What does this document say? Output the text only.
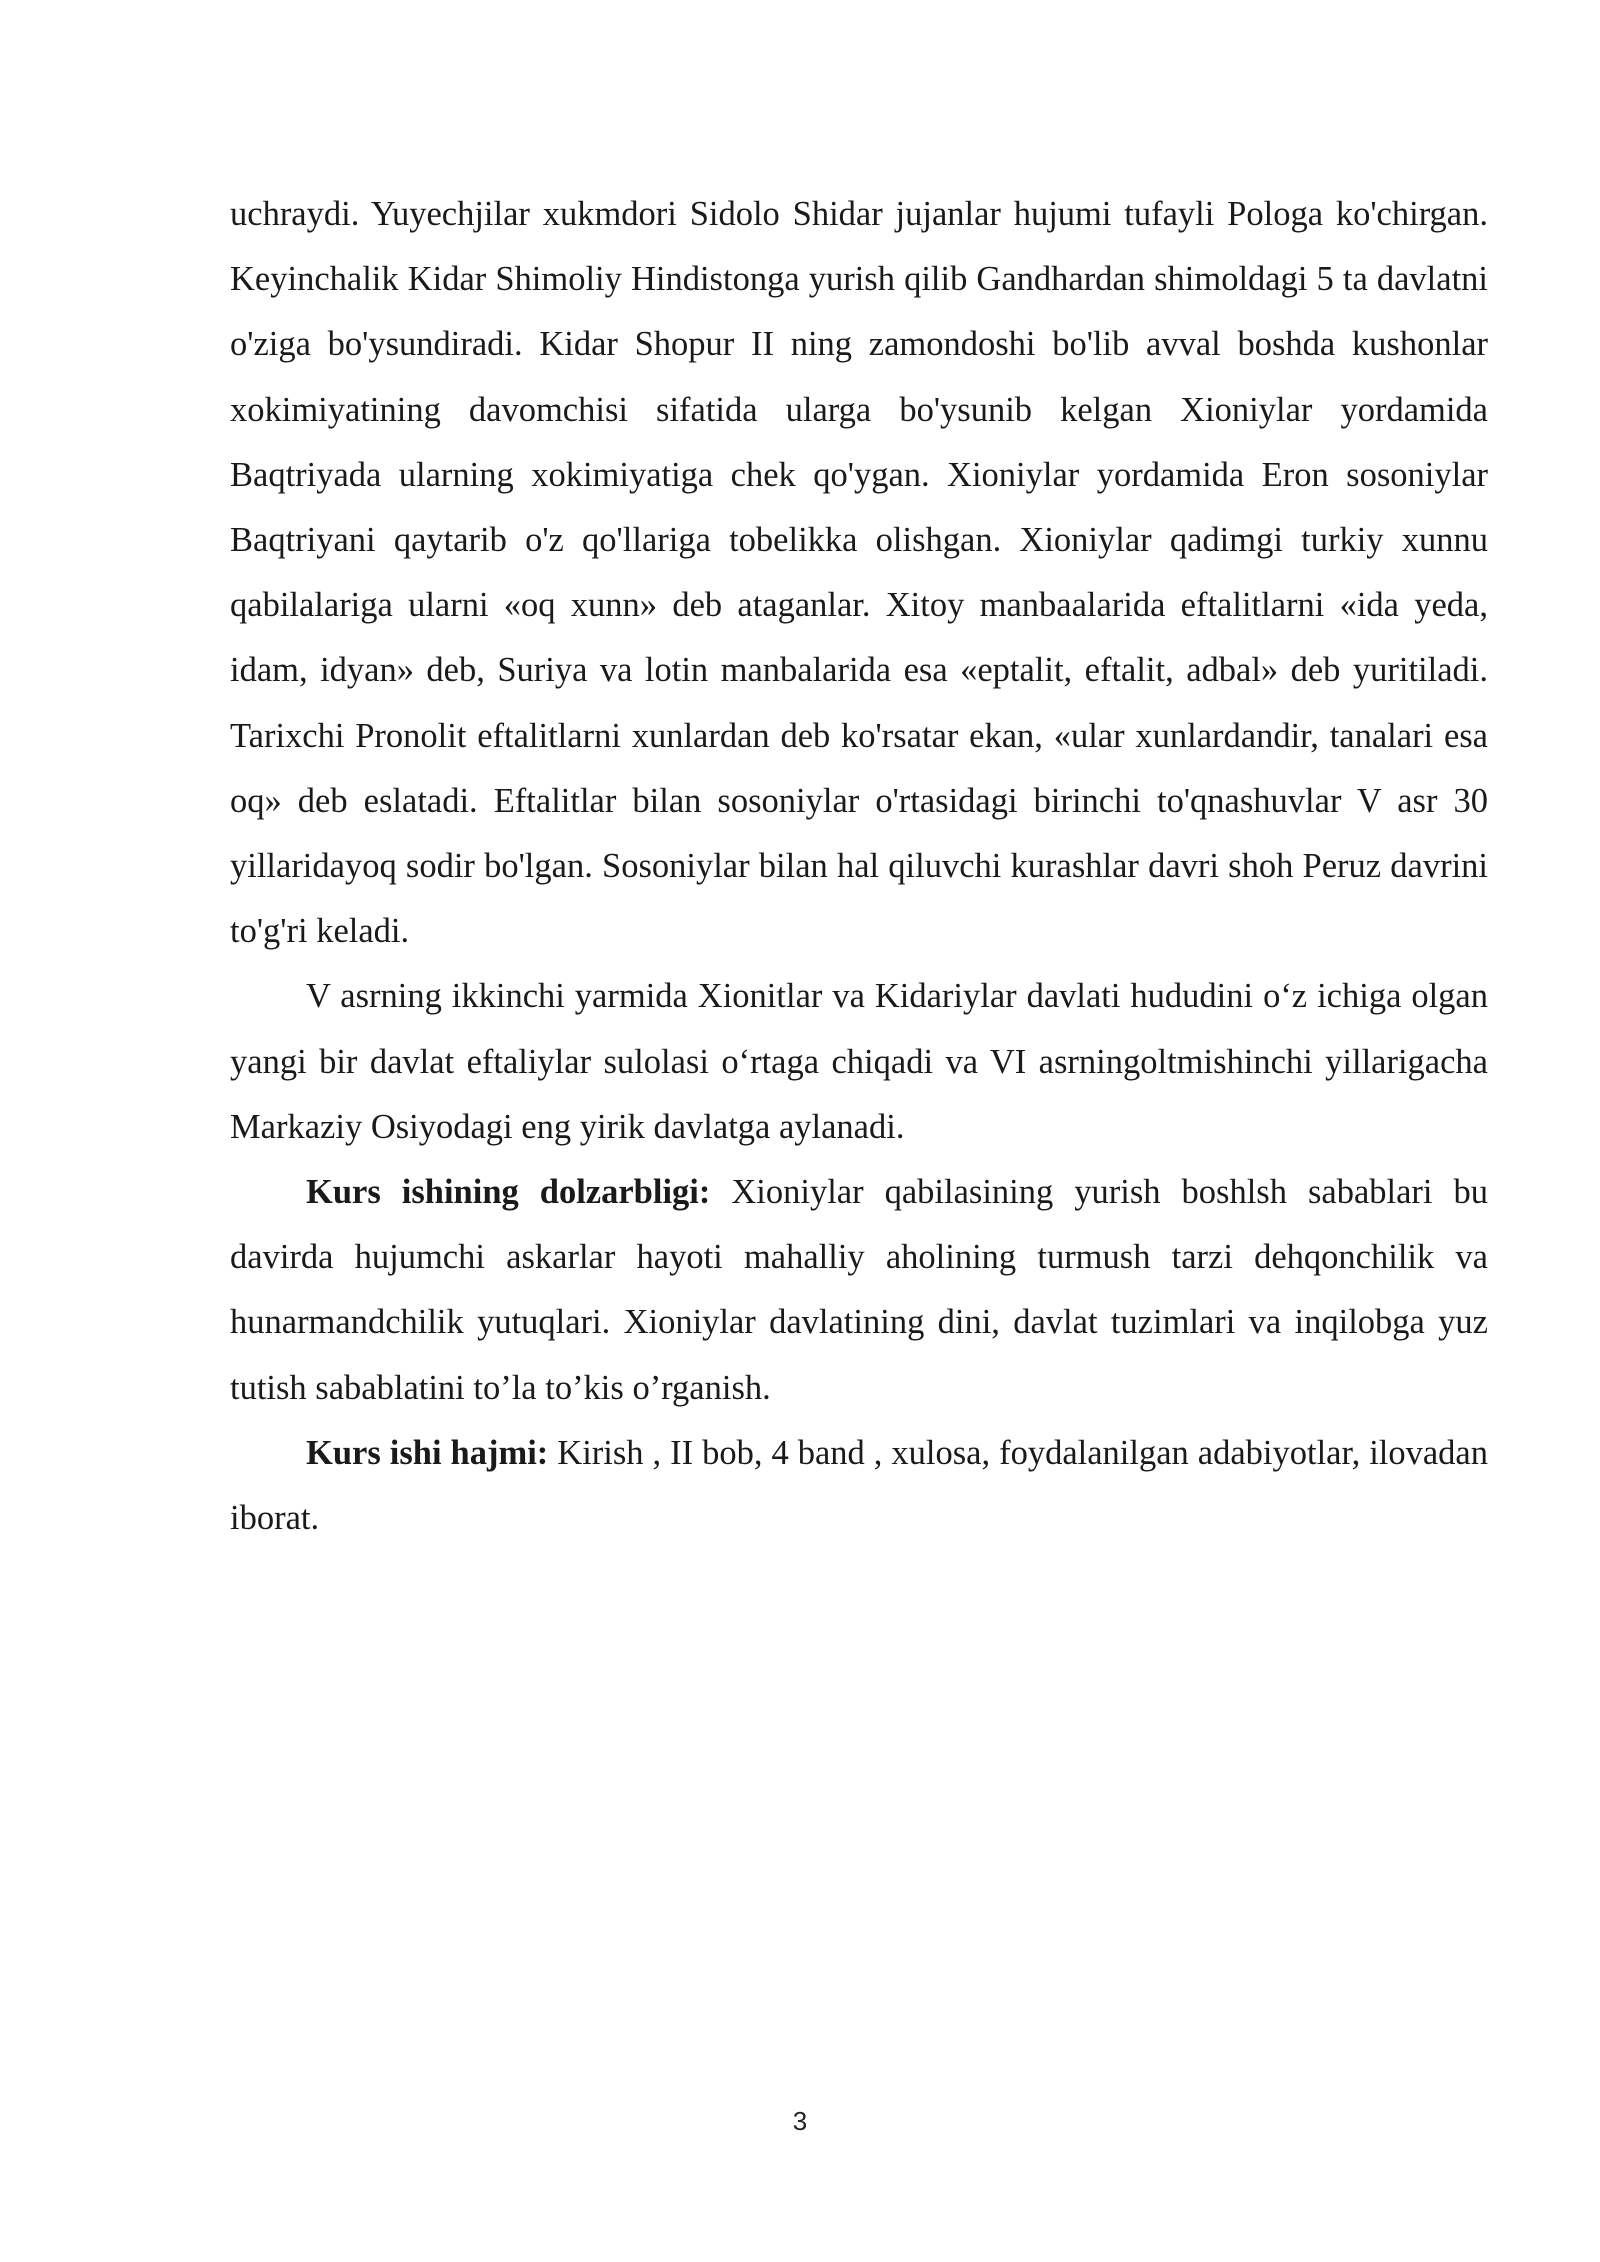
uchraydi. Yuyechjilar xukmdori Sidolo Shidar jujanlar hujumi tufayli Pologa ko'chirgan. Keyinchalik Kidar Shimoliy Hindistonga yurish qilib Gandhardan shimoldagi 5 ta davlatni o'ziga bo'ysundiradi. Kidar Shopur II ning zamondoshi bo'lib avval boshda kushonlar xokimiyatining davomchisi sifatida ularga bo'ysunib kelgan Xioniylar yordamida Baqtriyada ularning xokimiyatiga chek qo'ygan. Xioniylar yordamida Eron sosoniylar Baqtriyani qaytarib o'z qo'llariga tobelikka olishgan. Xioniylar qadimgi turkiy xunnu qabilalariga ularni «oq xunn» deb ataganlar. Xitoy manbaalarida eftalitlarni «ida yeda, idam, idyan» deb, Suriya va lotin manbalarida esa «eptalit, eftalit, adbal» deb yuritiladi. Tarixchi Pronolit eftalitlarni xunlardan deb ko'rsatar ekan, «ular xunlardandir, tanalari esa oq» deb eslatadi. Eftalitlar bilan sosoniylar o'rtasidagi birinchi to'qnashuvlar V asr 30 yillaridayoq sodir bo'lgan. Sosoniylar bilan hal qiluvchi kurashlar davri shoh Peruz davrini to'g'ri keladi.

V asrning ikkinchi yarmida Xionitlar va Kidariylar davlati hududini o‘z ichiga olgan yangi bir davlat eftaliylar sulolasi o‘rtaga chiqadi va VI asrningoltmishinchi yillarigacha Markaziy Osiyodagi eng yirik davlatga aylanadi.

Kurs ishining dolzarbligi: Xioniylar qabilasining yurish boshlsh sabablari bu davirda hujumchi askarlar hayoti mahalliy aholining turmush tarzi dehqonchilik va hunarmandchilik yutuqlari. Xioniylar davlatining dini, davlat tuzimlari va inqilobga yuz tutish sabablatini to’la to’kis o’rganish.

Kurs ishi hajmi: Kirish , II bob, 4 band , xulosa, foydalanilgan adabiyotlar, ilovadan iborat.

3
